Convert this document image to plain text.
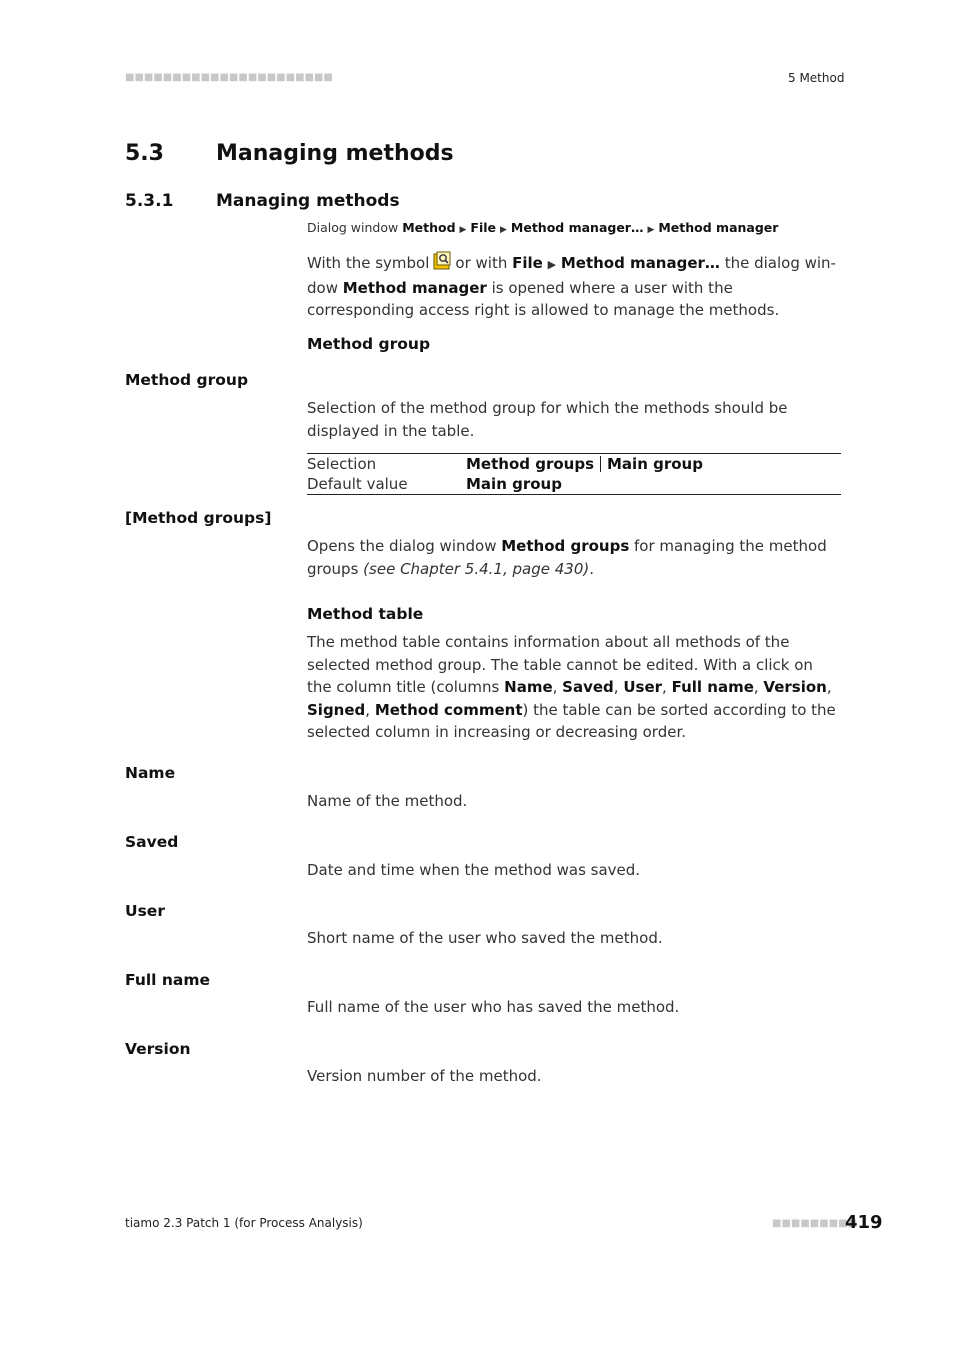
■■■■■■■■■■■■■■■■■■■■■■	5 Method
5.3 Managing methods
5.3.1	Managing methods
Dialog window Method ▶ File ▶ Method manager… ▶ Method manager
With the symbol or with File ▶ Method manager… the dialog win-dow Method manager is opened where a user with the corresponding access right is allowed to manage the methods.
Method group
Method group
Selection of the method group for which the methods should be displayed in the table.
Selection	Method groups Main group
Default value	Main group
[Method groups]
Opens the dialog window Method groups for managing the method groups (see Chapter 5.4.1, page 430).
Method table
The method table contains information about all methods of the selected method group. The table cannot be edited. With a click on the column title (columns Name, Saved, User, Full name, Version, Signed, Method comment) the table can be sorted according to the selected column in increasing or decreasing order.
Name
Name of the method.
Saved
Date and time when the method was saved.
User
Short name of the user who saved the method.
Full name
Full name of the user who has saved the method.
Version
Version number of the method.
tiamo 2.3 Patch 1 (for Process Analysis)	■■■■■■■■■
419
